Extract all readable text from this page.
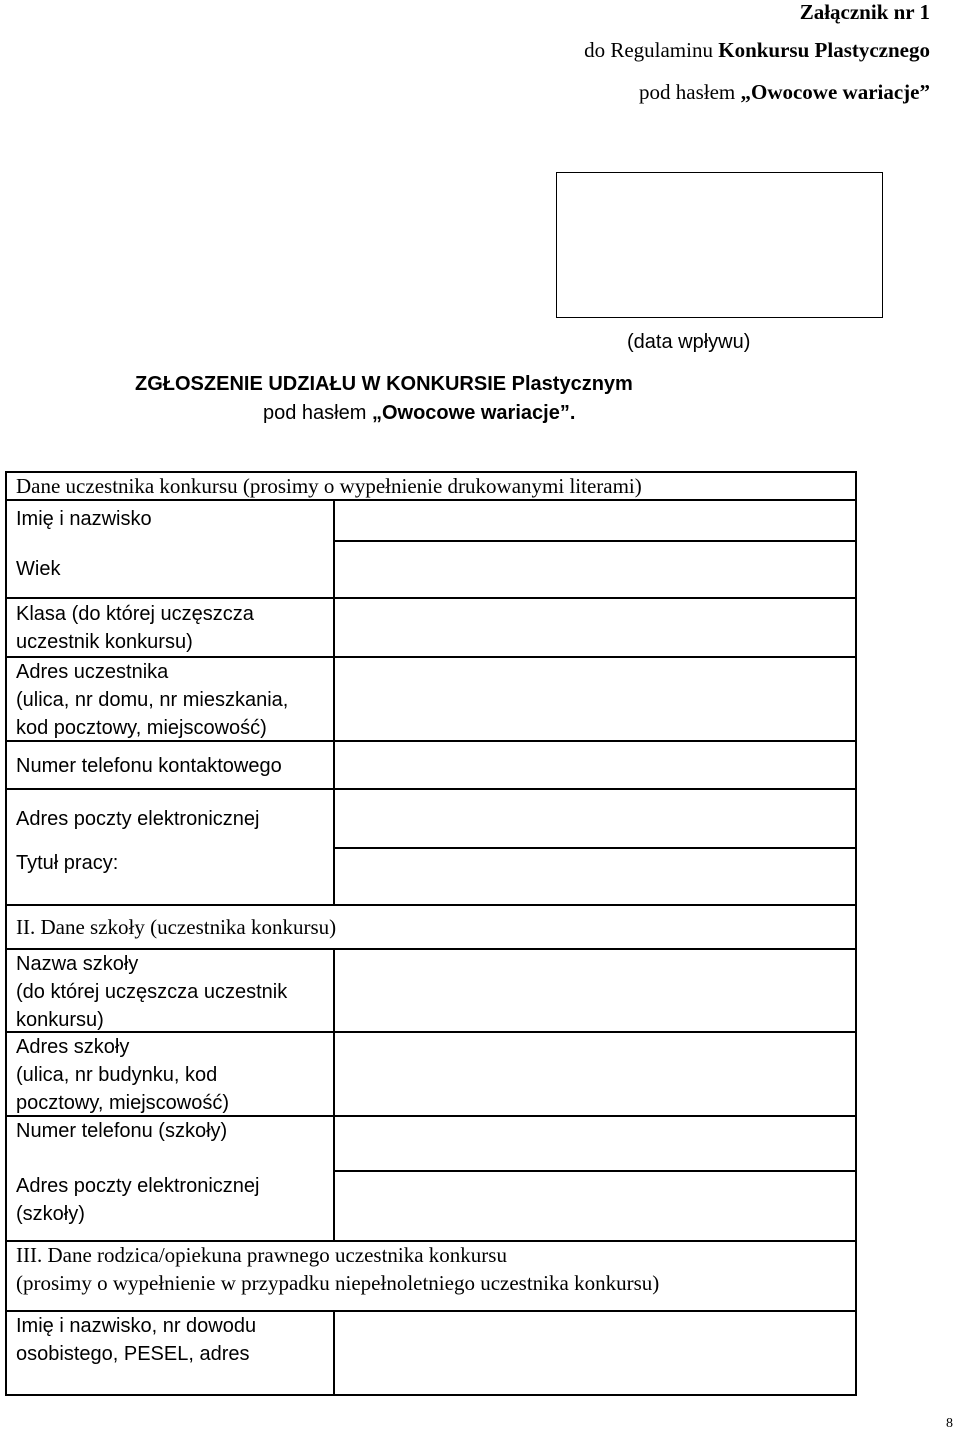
Załącznik nr 1
do Regulaminu Konkursu Plastycznego
pod hasłem „Owocowe wariacje”
(data wpływu)
ZGŁOSZENIE UDZIAŁU W KONKURSIE Plastycznym
pod hasłem „Owocowe wariacje”.
Dane uczestnika konkursu (prosimy o wypełnienie drukowanymi literami)
Imię i nazwisko
Wiek
Klasa (do której uczęszcza
uczestnik konkursu)
Adres uczestnika
(ulica, nr domu, nr mieszkania,
kod pocztowy, miejscowość)
Numer telefonu kontaktowego
Adres poczty elektronicznej
Tytuł pracy:
II. Dane szkoły (uczestnika konkursu)
Nazwa szkoły
(do której uczęszcza uczestnik
konkursu)
Adres szkoły
(ulica, nr budynku, kod
pocztowy, miejscowość)
Numer telefonu (szkoły)
Adres poczty elektronicznej
(szkoły)
III. Dane rodzica/opiekuna prawnego uczestnika konkursu
(prosimy o wypełnienie w przypadku niepełnoletniego uczestnika konkursu)
Imię i nazwisko, nr dowodu
osobistego, PESEL, adres
8
